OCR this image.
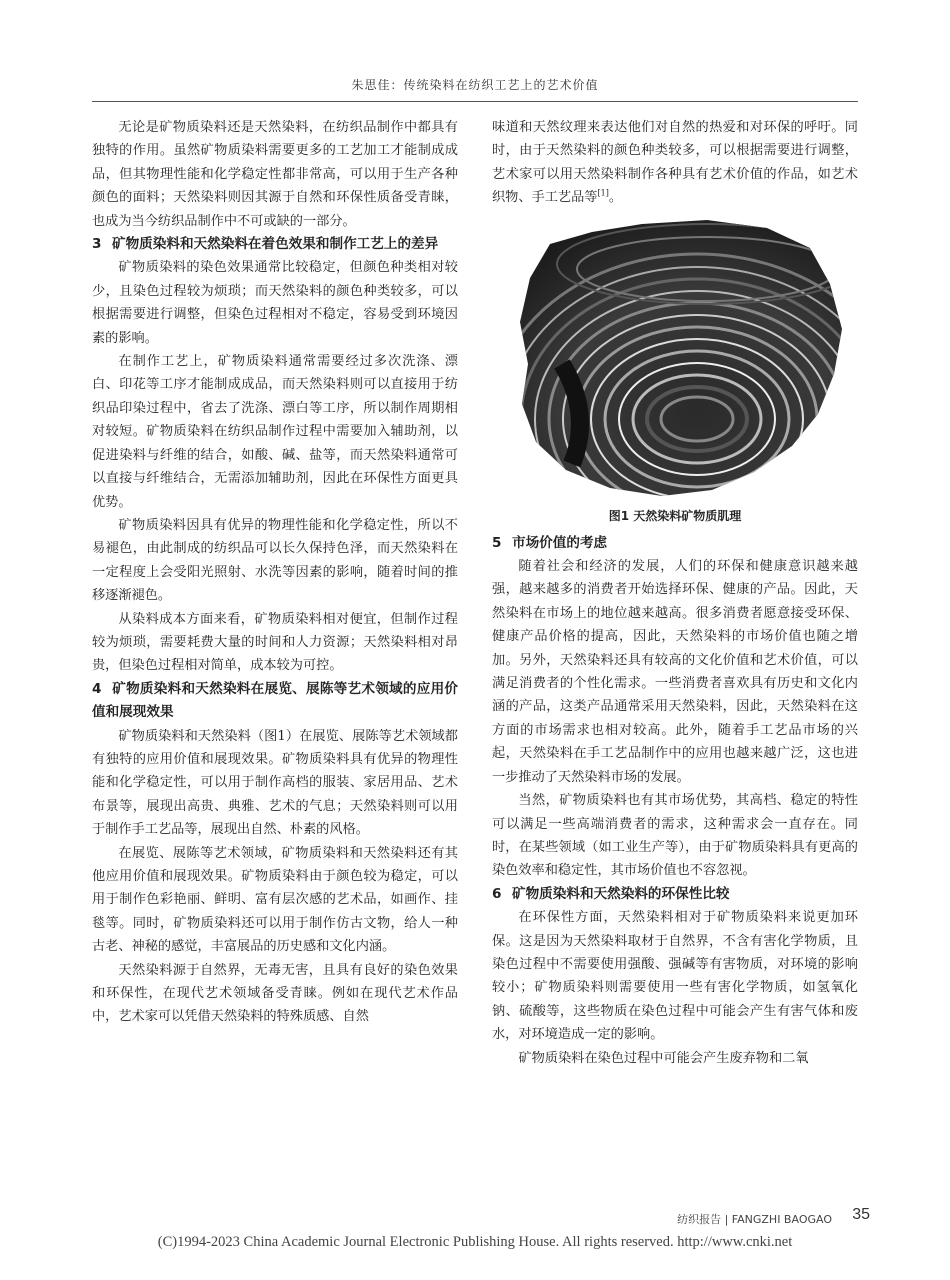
朱思佳：传统染料在纺织工艺上的艺术价值

无论是矿物质染料还是天然染料，在纺织品制作中都具有独特的作用。虽然矿物质染料需要更多的工艺加工才能制成成品，但其物理性能和化学稳定性都非常高，可以用于生产各种颜色的面料；天然染料则因其源于自然和环保性质备受青睐，也成为当今纺织品制作中不可或缺的一部分。

3 矿物质染料和天然染料在着色效果和制作工艺上的差异

矿物质染料的染色效果通常比较稳定，但颜色种类相对较少，且染色过程较为烦琐；而天然染料的颜色种类较多，可以根据需要进行调整，但染色过程相对不稳定，容易受到环境因素的影响。

在制作工艺上，矿物质染料通常需要经过多次洗涤、漂白、印花等工序才能制成成品，而天然染料则可以直接用于纺织品印染过程中，省去了洗涤、漂白等工序，所以制作周期相对较短。矿物质染料在纺织品制作过程中需要加入辅助剂，以促进染料与纤维的结合，如酸、碱、盐等，而天然染料通常可以直接与纤维结合，无需添加辅助剂，因此在环保性方面更具优势。

矿物质染料因具有优异的物理性能和化学稳定性，所以不易褪色，由此制成的纺织品可以长久保持色泽，而天然染料在一定程度上会受阳光照射、水洗等因素的影响，随着时间的推移逐渐褪色。

从染料成本方面来看，矿物质染料相对便宜，但制作过程较为烦琐，需要耗费大量的时间和人力资源；天然染料相对昂贵，但染色过程相对简单，成本较为可控。

4 矿物质染料和天然染料在展览、展陈等艺术领域的应用价值和展现效果

矿物质染料和天然染料（图1）在展览、展陈等艺术领域都有独特的应用价值和展现效果。矿物质染料具有优异的物理性能和化学稳定性，可以用于制作高档的服装、家居用品、艺术布景等，展现出高贵、典雅、艺术的气息；天然染料则可以用于制作手工艺品等，展现出自然、朴素的风格。

在展览、展陈等艺术领域，矿物质染料和天然染料还有其他应用价值和展现效果。矿物质染料由于颜色较为稳定，可以用于制作色彩艳丽、鲜明、富有层次感的艺术品，如画作、挂毯等。同时，矿物质染料还可以用于制作仿古文物，给人一种古老、神秘的感觉，丰富展品的历史感和文化内涵。

天然染料源于自然界，无毒无害，且具有良好的染色效果和环保性，在现代艺术领域备受青睐。例如在现代艺术作品中，艺术家可以凭借天然染料的特殊质感、自然

味道和天然纹理来表达他们对自然的热爱和对环保的呼吁。同时，由于天然染料的颜色种类较多，可以根据需要进行调整，艺术家可以用天然染料制作各种具有艺术价值的作品，如艺术织物、手工艺品等[1]。

图1 天然染料矿物质肌理
5 市场价值的考虑

随着社会和经济的发展，人们的环保和健康意识越来越强，越来越多的消费者开始选择环保、健康的产品。因此，天然染料在市场上的地位越来越高。很多消费者愿意接受环保、健康产品价格的提高，因此，天然染料的市场价值也随之增加。另外，天然染料还具有较高的文化价值和艺术价值，可以满足消费者的个性化需求。一些消费者喜欢具有历史和文化内涵的产品，这类产品通常采用天然染料，因此，天然染料在这方面的市场需求也相对较高。此外，随着手工艺品市场的兴起，天然染料在手工艺品制作中的应用也越来越广泛，这也进一步推动了天然染料市场的发展。

当然，矿物质染料也有其市场优势，其高档、稳定的特性可以满足一些高端消费者的需求，这种需求会一直存在。同时，在某些领域（如工业生产等），由于矿物质染料具有更高的染色效率和稳定性，其市场价值也不容忽视。

6 矿物质染料和天然染料的环保性比较

在环保性方面，天然染料相对于矿物质染料来说更加环保。这是因为天然染料取材于自然界，不含有害化学物质，且染色过程中不需要使用强酸、强碱等有害物质，对环境的影响较小；矿物质染料则需要使用一些有害化学物质，如氢氧化钠、硫酸等，这些物质在染色过程中可能会产生有害气体和废水，对环境造成一定的影响。

矿物质染料在染色过程中可能会产生废弃物和二氧

纺织报告 | FANGZHI BAOGAO 35
(C)1994-2023 China Academic Journal Electronic Publishing House. All rights reserved. http://www.cnki.net
